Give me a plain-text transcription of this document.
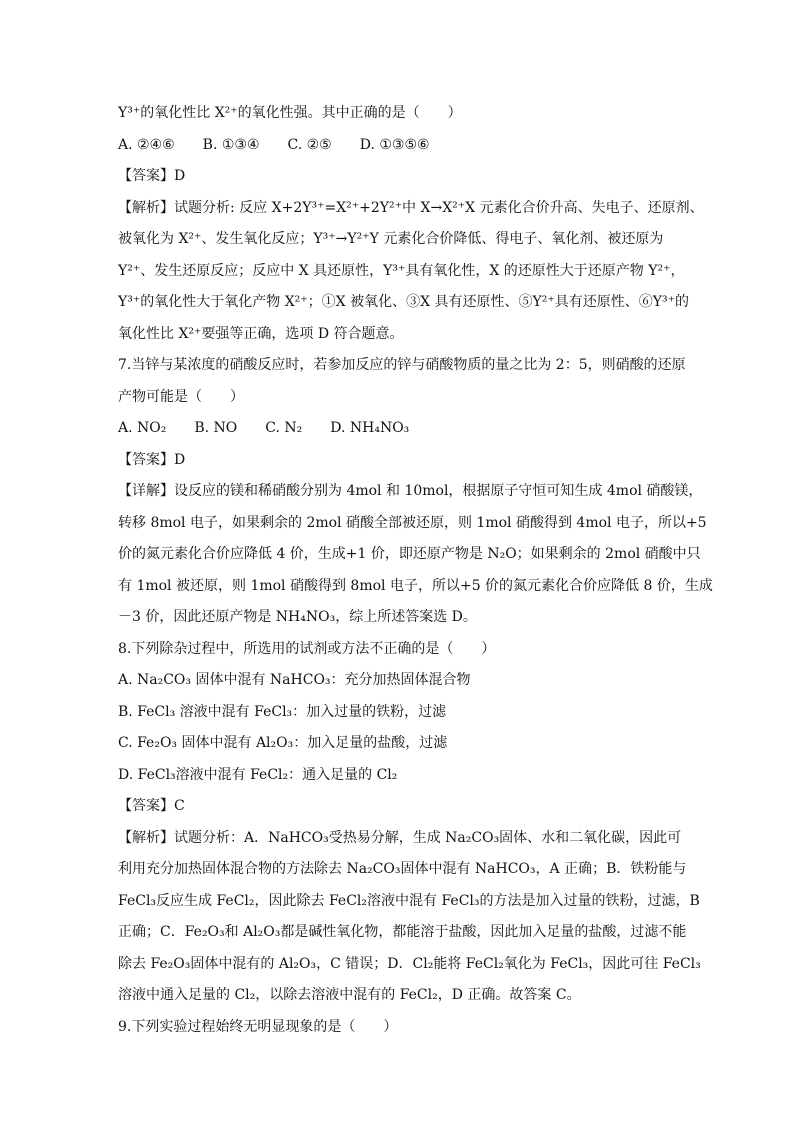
Y³⁺的氧化性比 X²⁺的氧化性强。其中正确的是（　　）
A. ②④⑥　　B. ①③④　　C. ②⑤　　D. ①③⑤⑥
【答案】D
【解析】试题分析: 反应 X+2Y³⁺=X²⁺+2Y²⁺中 X→X²⁺X 元素化合价升高、失电子、还原剂、
被氧化为 X²⁺、发生氧化反应；Y³⁺→Y²⁺Y 元素化合价降低、得电子、氧化剂、被还原为
Y²⁺、发生还原反应；反应中 X 具还原性，Y³⁺具有氧化性，X 的还原性大于还原产物 Y²⁺，
Y³⁺的氧化性大于氧化产物 X²⁺；①X 被氧化、③X 具有还原性、⑤Y²⁺具有还原性、⑥Y³⁺的
氧化性比 X²⁺要强等正确，选项 D 符合题意。
7.当锌与某浓度的硝酸反应时，若参加反应的锌与硝酸物质的量之比为 2：5，则硝酸的还原
产物可能是（　　）
A. NO₂　　B. NO　　C. N₂　　D. NH₄NO₃
【答案】D
【详解】设反应的镁和稀硝酸分别为 4mol 和 10mol，根据原子守恒可知生成 4mol 硝酸镁，
转移 8mol 电子，如果剩余的 2mol 硝酸全部被还原，则 1mol 硝酸得到 4mol 电子，所以+5
价的氮元素化合价应降低 4 价，生成+1 价，即还原产物是 N₂O；如果剩余的 2mol 硝酸中只
有 1mol 被还原，则 1mol 硝酸得到 8mol 电子，所以+5 价的氮元素化合价应降低 8 价，生成
－3 价，因此还原产物是 NH₄NO₃，综上所述答案选 D。
8.下列除杂过程中，所选用的试剂或方法不正确的是（　　）
A. Na₂CO₃ 固体中混有 NaHCO₃：充分加热固体混合物
B. FeCl₃ 溶液中混有 FeCl₃：加入过量的铁粉，过滤
C. Fe₂O₃ 固体中混有 Al₂O₃：加入足量的盐酸，过滤
D. FeCl₃溶液中混有 FeCl₂：通入足量的 Cl₂
【答案】C
【解析】试题分析：A．NaHCO₃受热易分解，生成 Na₂CO₃固体、水和二氧化碳，因此可
利用充分加热固体混合物的方法除去 Na₂CO₃固体中混有 NaHCO₃，A 正确；B．铁粉能与
FeCl₃反应生成 FeCl₂，因此除去 FeCl₂溶液中混有 FeCl₃的方法是加入过量的铁粉，过滤，B
正确；C．Fe₂O₃和 Al₂O₃都是碱性氧化物，都能溶于盐酸，因此加入足量的盐酸，过滤不能
除去 Fe₂O₃固体中混有的 Al₂O₃，C 错误；D．Cl₂能将 FeCl₂氧化为 FeCl₃，因此可往 FeCl₃
溶液中通入足量的 Cl₂，以除去溶液中混有的 FeCl₂，D 正确。故答案 C。
9.下列实验过程始终无明显现象的是（　　）
